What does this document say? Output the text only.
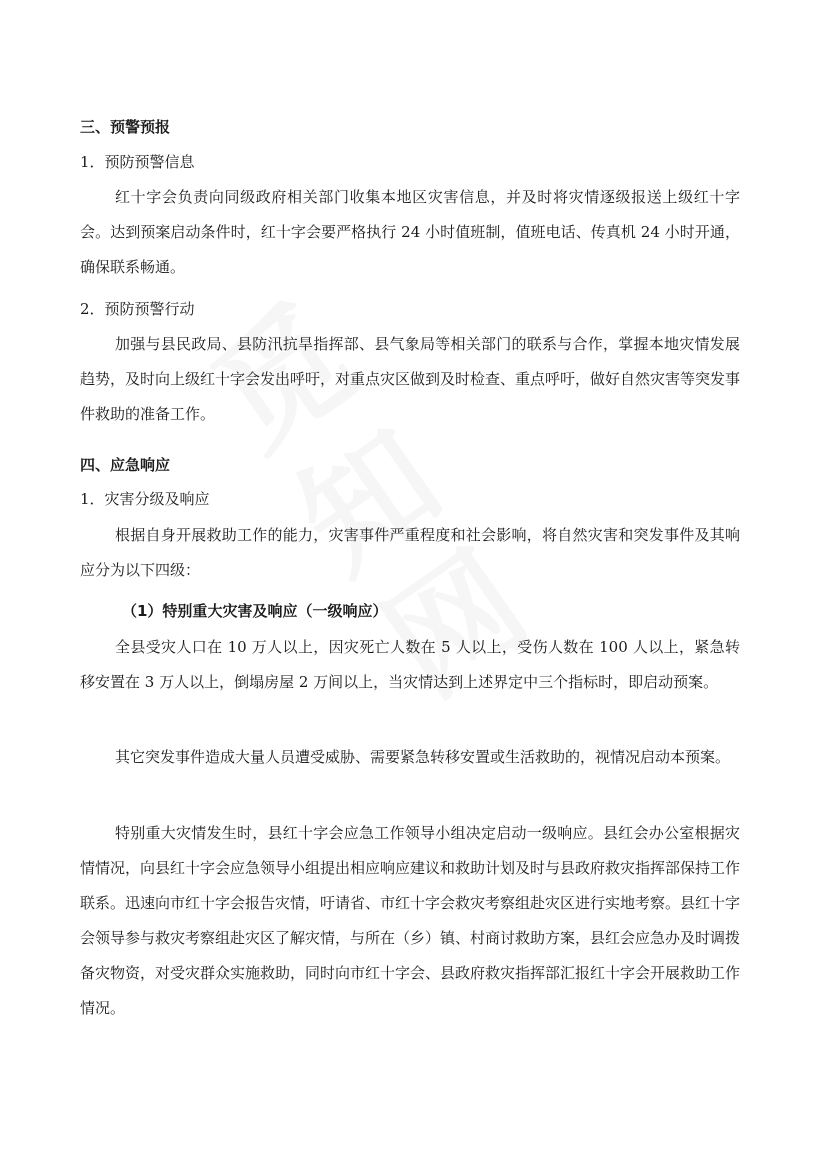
三、预警预报
1．预防预警信息

红十字会负责向同级政府相关部门收集本地区灾害信息，并及时将灾情逐级报送上级红十字会。达到预案启动条件时，红十字会要严格执行 24 小时值班制，值班电话、传真机 24 小时开通，确保联系畅通。

2．预防预警行动

加强与县民政局、县防汛抗旱指挥部、县气象局等相关部门的联系与合作，掌握本地灾情发展趋势，及时向上级红十字会发出呼吁，对重点灾区做到及时检查、重点呼吁，做好自然灾害等突发事件救助的准备工作。

四、应急响应
1．灾害分级及响应

根据自身开展救助工作的能力，灾害事件严重程度和社会影响，将自然灾害和突发事件及其响应分为以下四级：

（1）特别重大灾害及响应（一级响应）

全县受灾人口在 10 万人以上，因灾死亡人数在 5 人以上，受伤人数在 100 人以上，紧急转移安置在 3 万人以上，倒塌房屋 2 万间以上，当灾情达到上述界定中三个指标时，即启动预案。

其它突发事件造成大量人员遭受威胁、需要紧急转移安置或生活救助的，视情况启动本预案。

特别重大灾情发生时，县红十字会应急工作领导小组决定启动一级响应。县红会办公室根据灾情情况，向县红十字会应急领导小组提出相应响应建议和救助计划及时与县政府救灾指挥部保持工作联系。迅速向市红十字会报告灾情，吁请省、市红十字会救灾考察组赴灾区进行实地考察。县红十字会领导参与救灾考察组赴灾区了解灾情，与所在（乡）镇、村商讨救助方案，县红会应急办及时调拨备灾物资，对受灾群众实施救助，同时向市红十字会、县政府救灾指挥部汇报红十字会开展救助工作情况。
